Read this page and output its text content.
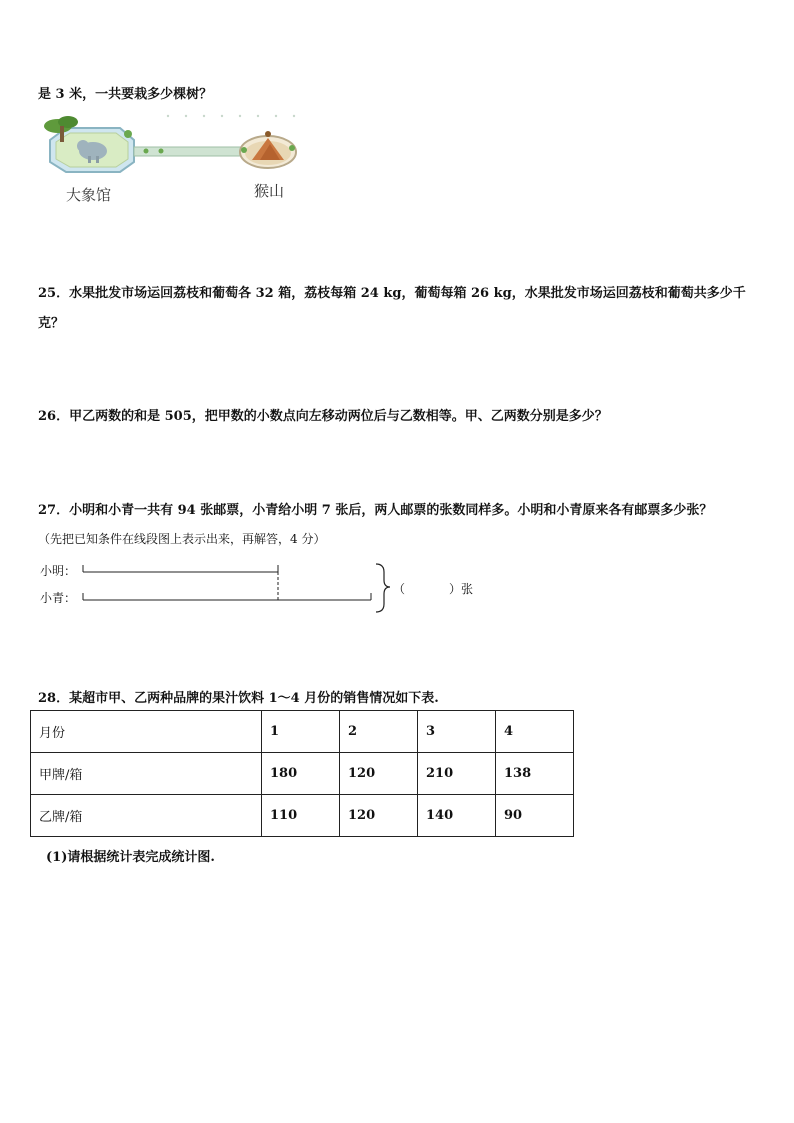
是 3 米，一共要栽多少棵树？
大象馆	猴山
25．水果批发市场运回荔枝和葡萄各 32 箱，荔枝每箱 24 kg，葡萄每箱 26 kg，水果批发市场运回荔枝和葡萄共多少千
克？
26．甲乙两数的和是 505，把甲数的小数点向左移动两位后与乙数相等。甲、乙两数分别是多少？
27．小明和小青一共有 94 张邮票，小青给小明 7 张后，两人邮票的张数同样多。小明和小青原来各有邮票多少张？
（先把已知条件在线段图上表示出来，再解答，4 分）
小明：
小青：
（	）张
28．某超市甲、乙两种品牌的果汁饮料 1～4 月份的销售情况如下表.
月份	1	2	3	4
甲牌/箱	180	120	210	138
乙牌/箱	110	120	140	90
(1)请根据统计表完成统计图.
